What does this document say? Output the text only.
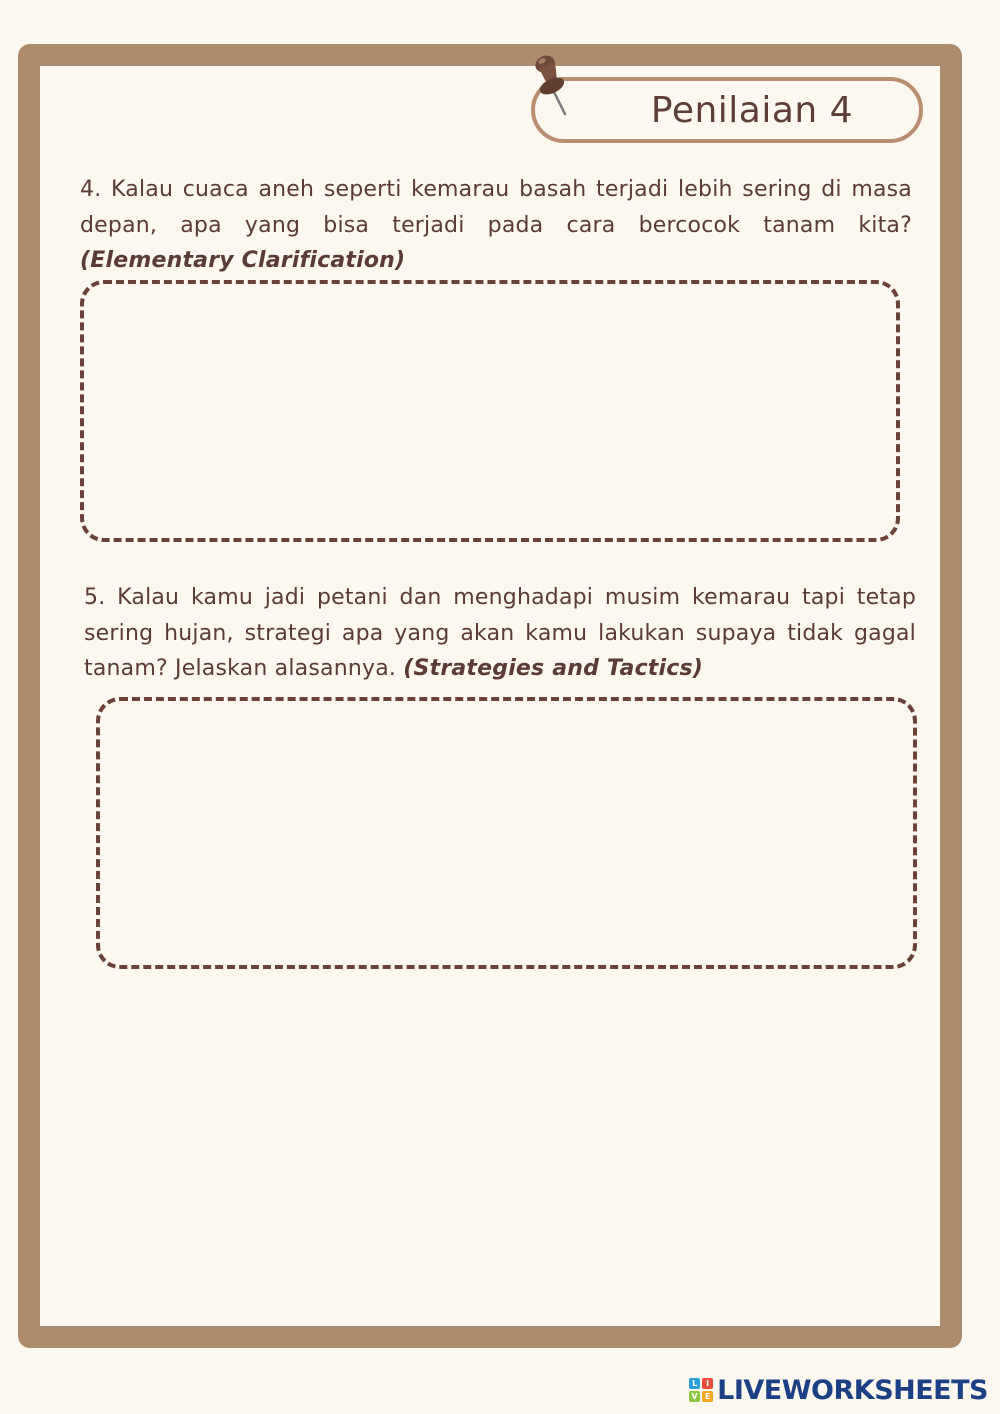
Penilaian 4
4. Kalau cuaca aneh seperti kemarau basah terjadi lebih sering di masa depan, apa yang bisa terjadi pada cara bercocok tanam kita? (Elementary Clarification)
5. Kalau kamu jadi petani dan menghadapi musim kemarau tapi tetap sering hujan, strategi apa yang akan kamu lakukan supaya tidak gagal tanam? Jelaskan alasannya. (Strategies and Tactics)
L	I
V E LIVEWORKSHEETS
